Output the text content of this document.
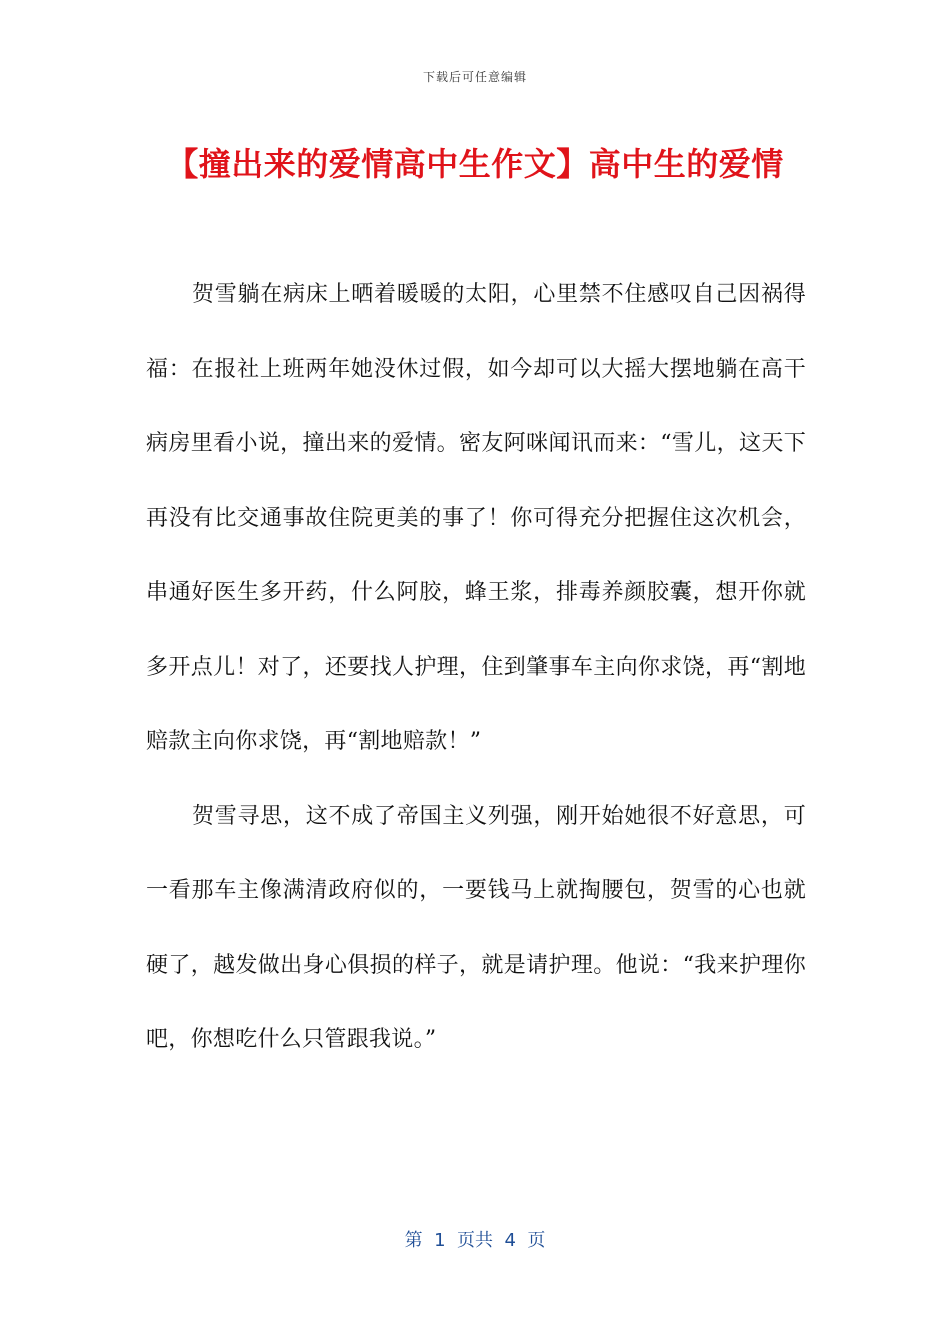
下载后可任意编辑
【撞出来的爱情高中生作文】高中生的爱情

贺雪躺在病床上晒着暖暖的太阳，心里禁不住感叹自己因祸得福：在报社上班两年她没休过假，如今却可以大摇大摆地躺在高干病房里看小说，撞出来的爱情。密友阿咪闻讯而来：“雪儿，这天下再没有比交通事故住院更美的事了！你可得充分把握住这次机会，串通好医生多开药，什么阿胶，蜂王浆，排毒养颜胶囊，想开你就多开点儿！对了，还要找人护理，住到肇事车主向你求饶，再“割地赔款主向你求饶，再“割地赔款！”

贺雪寻思，这不成了帝国主义列强，刚开始她很不好意思，可一看那车主像满清政府似的，一要钱马上就掏腰包，贺雪的心也就硬了，越发做出身心俱损的样子，就是请护理。他说：“我来护理你吧，你想吃什么只管跟我说。”

第  1  页共  4  页
